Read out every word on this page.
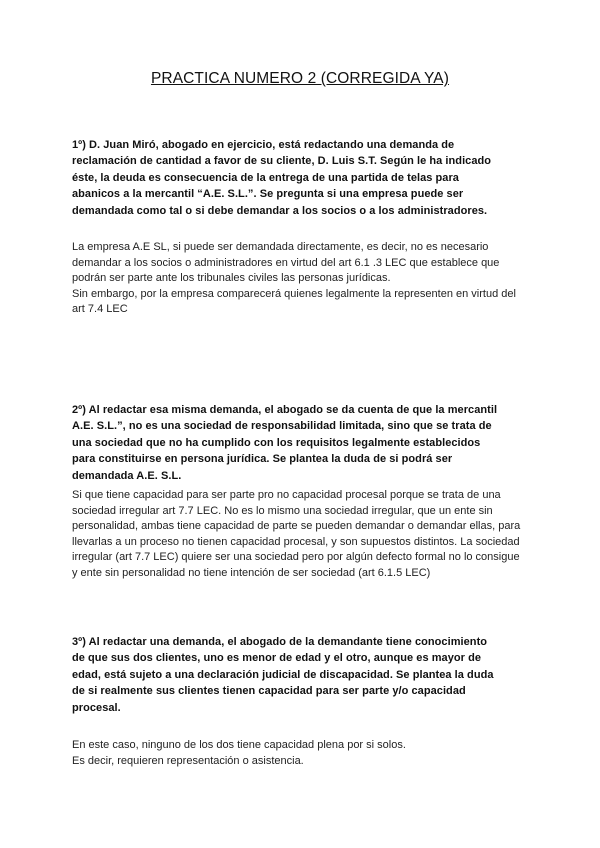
PRACTICA NUMERO 2 (CORREGIDA YA)
1º) D. Juan Miró, abogado en ejercicio, está redactando una demanda de
reclamación de cantidad a favor de su cliente, D. Luis S.T. Según le ha indicado
éste, la deuda es consecuencia de la entrega de una partida de telas para
abanicos a la mercantil “A.E. S.L.”. Se pregunta si una empresa puede ser
demandada como tal o si debe demandar a los socios o a los administradores.
La empresa A.E SL, si puede ser demandada directamente, es decir, no es necesario
demandar a los socios o administradores en virtud del art 6.1 .3 LEC que establece que
podrán ser parte ante los tribunales civiles las personas jurídicas.
Sin embargo, por la empresa comparecerá quienes legalmente la representen en virtud del
art 7.4 LEC
2º) Al redactar esa misma demanda, el abogado se da cuenta de que la mercantil
A.E. S.L.”, no es una sociedad de responsabilidad limitada, sino que se trata de
una sociedad que no ha cumplido con los requisitos legalmente establecidos
para constituirse en persona jurídica. Se plantea la duda de si podrá ser
demandada A.E. S.L.
Si que tiene capacidad para ser parte pro no capacidad procesal porque se trata de una
sociedad irregular art 7.7 LEC. No es lo mismo una sociedad irregular, que un ente sin
personalidad, ambas tiene capacidad de parte se pueden demandar o demandar ellas, para
llevarlas a un proceso no tienen capacidad procesal, y son supuestos distintos. La sociedad
irregular (art 7.7 LEC) quiere ser una sociedad pero por algún defecto formal no lo consigue
y ente sin personalidad no tiene intención de ser sociedad (art 6.1.5 LEC)
3º) Al redactar una demanda, el abogado de la demandante tiene conocimiento
de que sus dos clientes, uno es menor de edad y el otro, aunque es mayor de
edad, está sujeto a una declaración judicial de discapacidad. Se plantea la duda
de si realmente sus clientes tienen capacidad para ser parte y/o capacidad
procesal.
En este caso, ninguno de los dos tiene capacidad plena por si solos.
Es decir, requieren representación o asistencia.
